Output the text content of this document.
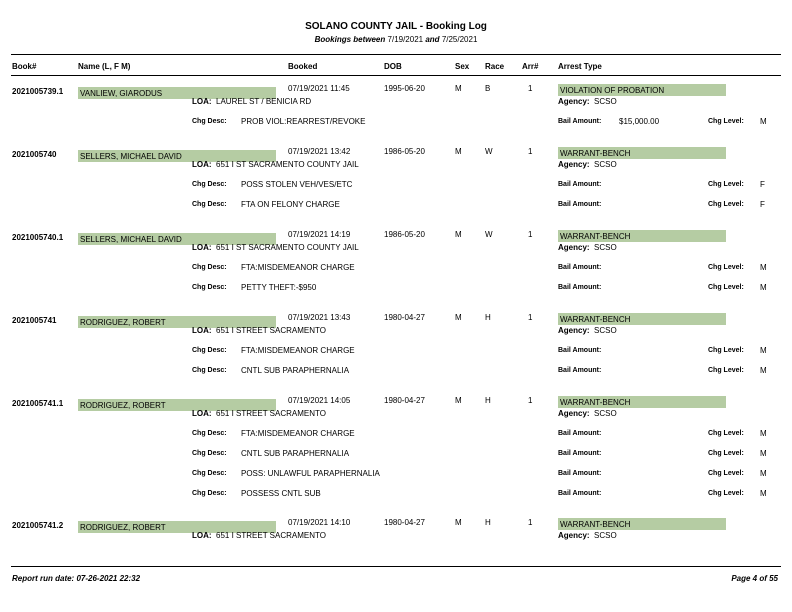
SOLANO COUNTY JAIL - Booking Log
Bookings between 7/19/2021 and 7/25/2021
Book#	Name (L, F M)	Booked	DOB	Sex Race Arr# Arrest Type
2021005739.1 VANLIEW, GIARODUS
07/19/2021 11:45	1995-06-20	M	B	1	VIOLATION OF PROBATION
LOA: LAUREL ST / BENICIA RD	Agency: SCSO
Chg Desc: PROB VIOL:REARREST/REVOKE	Bail Amount: $15,000.00	Chg Level: M
2021005740	SELLERS, MICHAEL DAVID
07/19/2021 13:42	1986-05-20	M	W	1	WARRANT-BENCH
LOA: 651 I ST SACRAMENTO COUNTY JAIL	Agency: SCSO
Chg Desc: POSS STOLEN VEH/VES/ETC	Bail Amount:	Chg Level: F
Chg Desc: FTA ON FELONY CHARGE	Bail Amount:	Chg Level: F
2021005740.1 SELLERS, MICHAEL DAVID
07/19/2021 14:19	1986-05-20	M	W	1	WARRANT-BENCH
LOA: 651 I ST SACRAMENTO COUNTY JAIL	Agency: SCSO
Chg Desc: FTA:MISDEMEANOR CHARGE	Bail Amount:	Chg Level: M
Chg Desc: PETTY THEFT:-$950	Bail Amount:	Chg Level: M
2021005741	RODRIGUEZ, ROBERT
07/19/2021 13:43	1980-04-27	M	H	1	WARRANT-BENCH
LOA: 651 I STREET SACRAMENTO	Agency: SCSO
Chg Desc: FTA:MISDEMEANOR CHARGE	Bail Amount:	Chg Level: M
Chg Desc: CNTL SUB PARAPHERNALIA	Bail Amount:	Chg Level: M
2021005741.1 RODRIGUEZ, ROBERT
07/19/2021 14:05	1980-04-27	M	H	1	WARRANT-BENCH
LOA: 651 I STREET SACRAMENTO	Agency: SCSO
Chg Desc: FTA:MISDEMEANOR CHARGE	Bail Amount:	Chg Level: M
Chg Desc: CNTL SUB PARAPHERNALIA	Bail Amount:	Chg Level: M
Chg Desc: POSS: UNLAWFUL PARAPHERNALIA	Bail Amount:	Chg Level: M
Chg Desc: POSSESS CNTL SUB	Bail Amount:	Chg Level: M
2021005741.2 RODRIGUEZ, ROBERT
07/19/2021 14:10	1980-04-27	M	H	1	WARRANT-BENCH
LOA: 651 I STREET SACRAMENTO	Agency: SCSO
Report run date: 07-26-2021 22:32	Page 4 of 55
